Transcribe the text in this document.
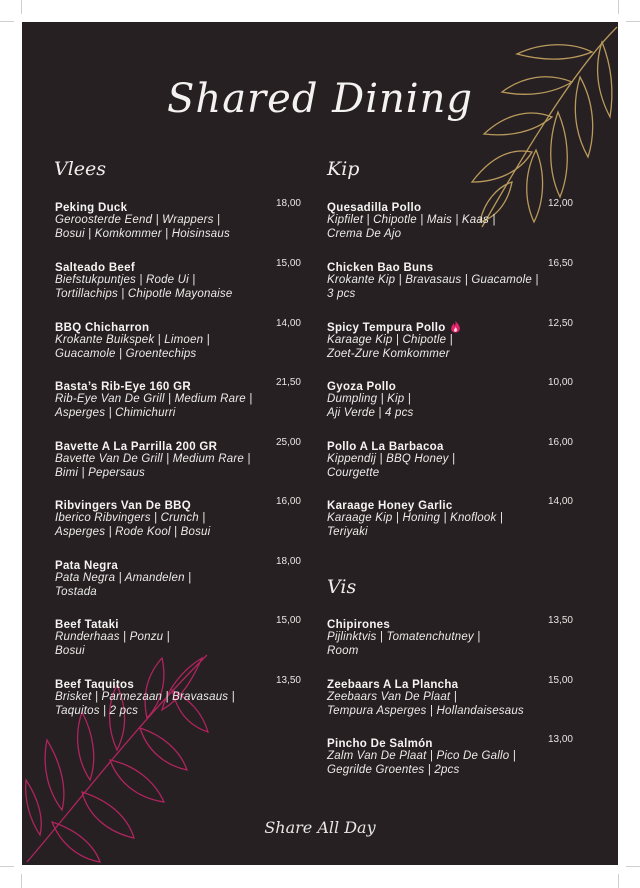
Shared Dining
Vlees	Kip
Vis
Peking Duck	18,00
Geroosterde Eend | Wrappers |
Bosui | Komkommer | Hoisinsaus
Salteado Beef	15,00
Biefstukpuntjes | Rode Ui |
Tortillachips | Chipotle Mayonaise
BBQ Chicharron	14,00
Krokante Buikspek | Limoen |
Guacamole | Groentechips
Basta’s Rib-Eye 160 GR	21,50
Rib-Eye Van De Grill | Medium Rare |
Asperges | Chimichurri
Bavette A La Parrilla 200 GR	25,00
Bavette Van De Grill | Medium Rare |
Bimi | Pepersaus
Ribvingers Van De BBQ	16,00
Iberico Ribvingers | Crunch |
Asperges | Rode Kool | Bosui
Pata Negra	18,00
Pata Negra | Amandelen |
Tostada
Beef Tataki	15,00
Runderhaas | Ponzu |
Bosui
Beef Taquitos	13,50
Brisket | Parmezaan | Bravasaus |
Taquitos | 2 pcs
Quesadilla Pollo	12,00
Kipfilet | Chipotle | Mais | Kaas |
Crema De Ajo
Chicken Bao Buns	16,50
Krokante Kip | Bravasaus | Guacamole |
3 pcs
Spicy Tempura Pollo	12,50
Karaage Kip | Chipotle |
Zoet-Zure Komkommer
Gyoza Pollo	10,00
Dumpling | Kip |
Aji Verde | 4 pcs
Pollo A La Barbacoa	16,00
Kippendij | BBQ Honey |
Courgette
Karaage Honey Garlic	14,00
Karaage Kip | Honing | Knoflook |
Teriyaki
Chipirones	13,50
Pijlinktvis | Tomatenchutney |
Room
Zeebaars A La Plancha	15,00
Zeebaars Van De Plaat |
Tempura Asperges | Hollandaisesaus
Pincho De Salmón	13,00
Zalm Van De Plaat | Pico De Gallo |
Gegrilde Groentes | 2pcs
Share All Day
